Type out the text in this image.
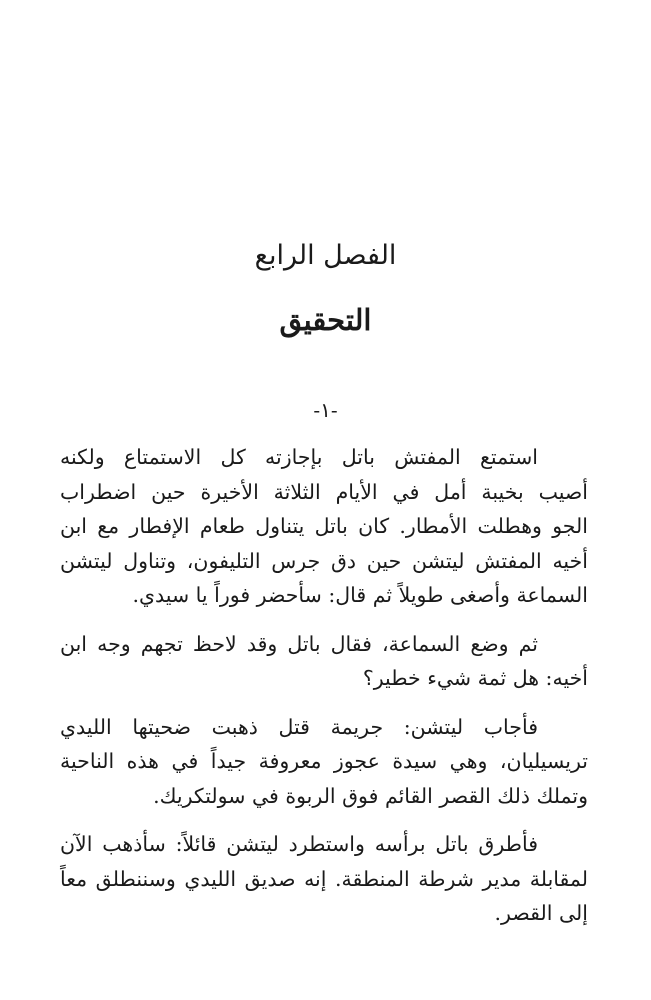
الفصل الرابع
التحقيق
-١-

استمتع المفتش باتل بإجازته كل الاستمتاع ولكنه
أصيب بخيبة أمل في الأيام الثلاثة الأخيرة حين اضطراب
الجو وهطلت الأمطار. كان باتل يتناول طعام الإفطار مع ابن
أخيه المفتش ليتشن حين دق جرس التليفون، وتناول ليتشن
السماعة وأصغى طويلاً ثم قال: سأحضر فوراً يا سيدي.

ثم وضع السماعة، فقال باتل وقد لاحظ تجهم وجه ابن
أخيه: هل ثمة شيء خطير؟

فأجاب ليتشن: جريمة قتل ذهبت ضحيتها الليدي
تريسيليان، وهي سيدة عجوز معروفة جيداً في هذه الناحية
وتملك ذلك القصر القائم فوق الربوة في سولتكريك.

فأطرق باتل برأسه واستطرد ليتشن قائلاً: سأذهب الآن
لمقابلة مدير شرطة المنطقة. إنه صديق الليدي وسننطلق معاً
إلى القصر.
